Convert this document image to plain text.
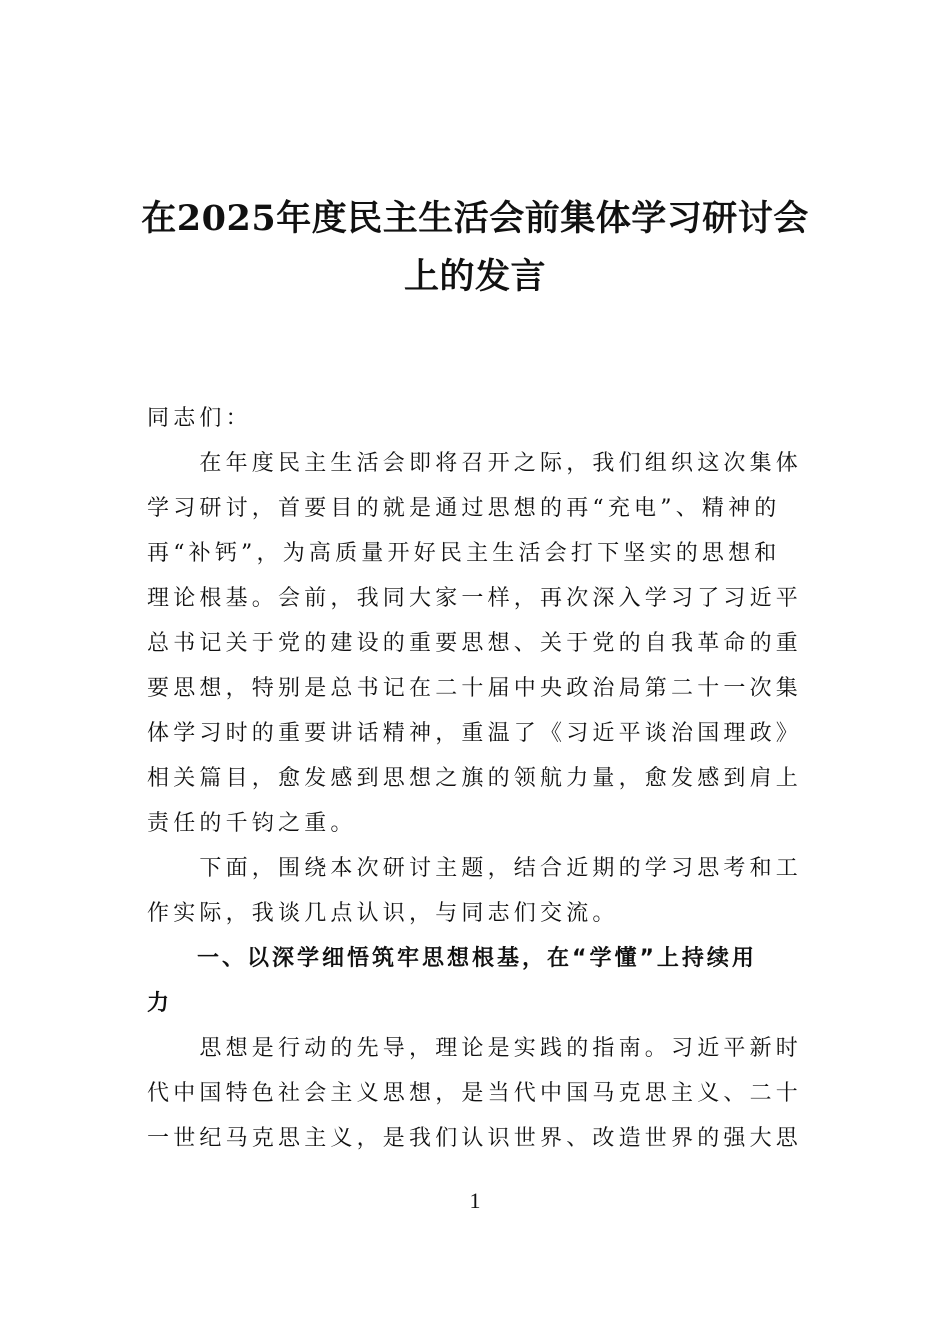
在2025年度民主生活会前集体学习研讨会
上的发言
同志们：
　　在年度民主生活会即将召开之际，我们组织这次集体
学习研讨，首要目的就是通过思想的再“充电”、精神的
再“补钙”，为高质量开好民主生活会打下坚实的思想和
理论根基。会前，我同大家一样，再次深入学习了习近平
总书记关于党的建设的重要思想、关于党的自我革命的重
要思想，特别是总书记在二十届中央政治局第二十一次集
体学习时的重要讲话精神，重温了《习近平谈治国理政》
相关篇目，愈发感到思想之旗的领航力量，愈发感到肩上
责任的千钧之重。
　　下面，围绕本次研讨主题，结合近期的学习思考和工
作实际，我谈几点认识，与同志们交流。
　　一、以深学细悟筑牢思想根基，在“学懂”上持续用
力
　　思想是行动的先导，理论是实践的指南。习近平新时
代中国特色社会主义思想，是当代中国马克思主义、二十
一世纪马克思主义，是我们认识世界、改造世界的强大思
1
